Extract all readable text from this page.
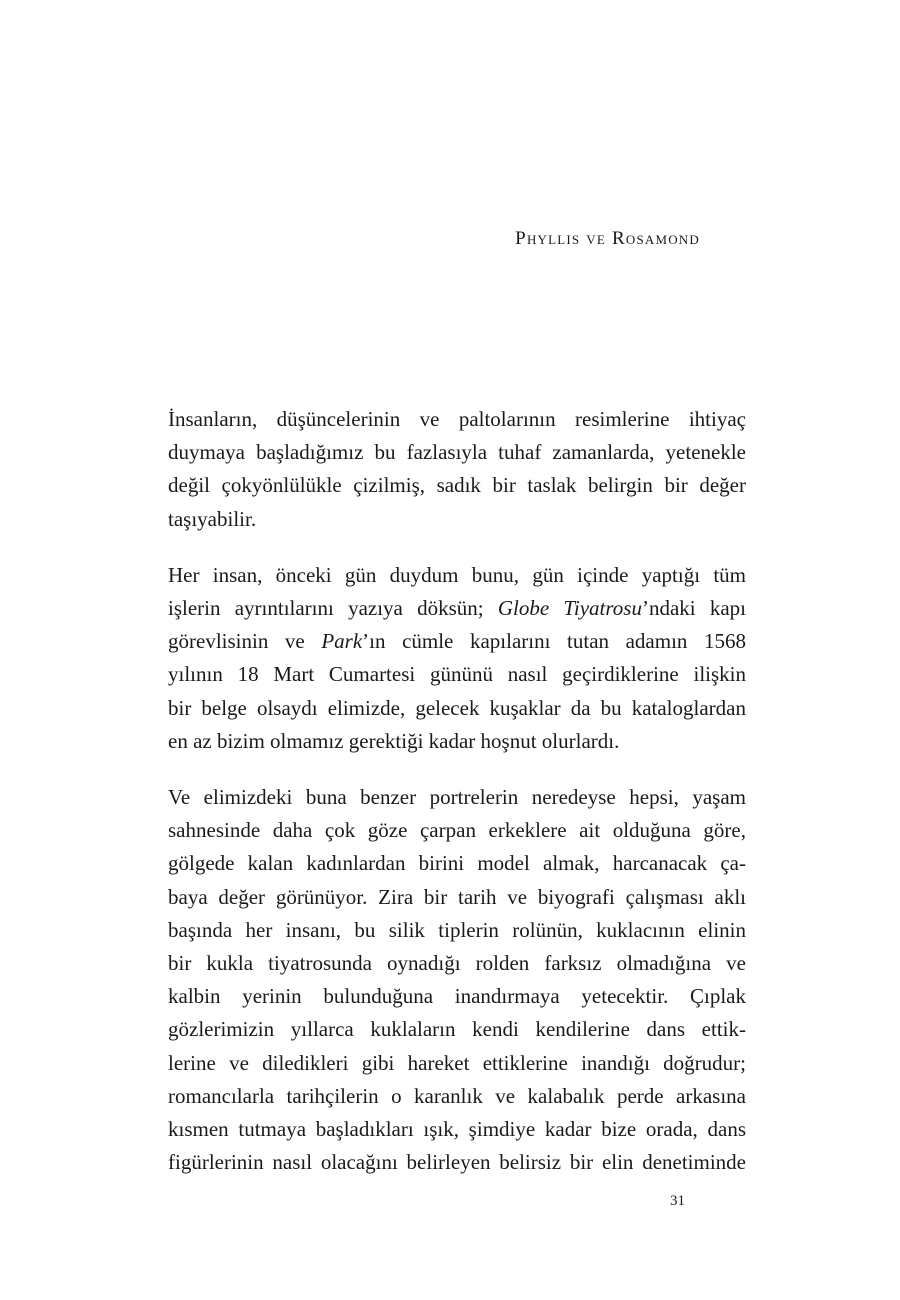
Phyllis ve Rosamond

İnsanların, düşüncelerinin ve paltolarının resimlerine ihtiyaç
duymaya başladığımız bu fazlasıyla tuhaf zamanlarda, yetenekle
değil çokyönlülükle çizilmiş, sadık bir taslak belirgin bir değer
taşıyabilir.

Her insan, önceki gün duydum bunu, gün içinde yaptığı tüm
işlerin ayrıntılarını yazıya döksün; Globe Tiyatrosu’ndaki kapı
görevlisinin ve Park’ın cümle kapılarını tutan adamın 1568
yılının 18 Mart Cumartesi gününü nasıl geçirdiklerine ilişkin
bir belge olsaydı elimizde, gelecek kuşaklar da bu kataloglardan
en az bizim olmamız gerektiği kadar hoşnut olurlardı.

Ve elimizdeki buna benzer portrelerin neredeyse hepsi, yaşam
sahnesinde daha çok göze çarpan erkeklere ait olduğuna göre,
gölgede kalan kadınlardan birini model almak, harcanacak ça-
baya değer görünüyor. Zira bir tarih ve biyografi çalışması aklı
başında her insanı, bu silik tiplerin rolünün, kuklacının elinin
bir kukla tiyatrosunda oynadığı rolden farksız olmadığına ve
kalbin yerinin bulunduğuna inandırmaya yetecektir. Çıplak
gözlerimizin yıllarca kuklaların kendi kendilerine dans ettik-
lerine ve diledikleri gibi hareket ettiklerine inandığı doğrudur;
romancılarla tarihçilerin o karanlık ve kalabalık perde arkasına
kısmen tutmaya başladıkları ışık, şimdiye kadar bize orada, dans
figürlerinin nasıl olacağını belirleyen belirsiz bir elin denetiminde

31
